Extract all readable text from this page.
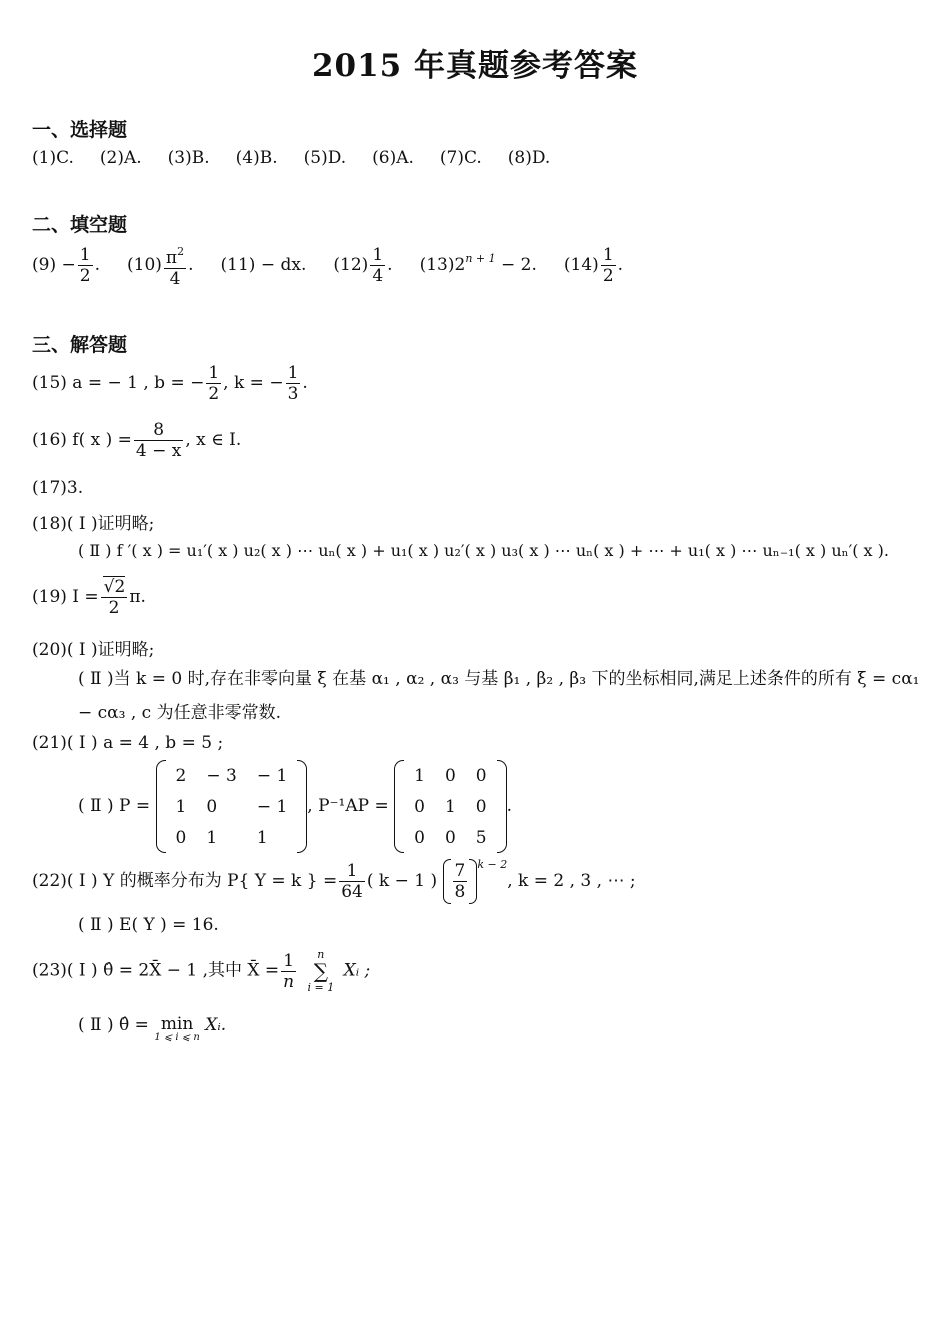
2015 年真题参考答案
一、选择题
(1)C. (2)A. (3)B. (4)B. (5)D. (6)A. (7)C. (8)D.
二、填空题
$(9) - \frac{1}{2}$ . $(10) \frac{\pi^2}{4}$ . (11) − dx. $(12) \frac{1}{4}$ . $(13)2^{n + 1} - 2$. $(14) \frac{1}{2}$ .
三、解答题
(15) a = − 1 , b = − $\frac{1}{2}$ , k = − $\frac{1}{3}$ .
(16) f( x ) = $\frac{8}{4 - x}$ , x ∈ I.
(17)3.
(18)( Ⅰ )证明略;
( Ⅱ ) f ′( x ) = u₁′( x ) u₂( x ) ⋯ uₙ( x ) + u₁( x ) u₂′( x ) u₃( x ) ⋯ uₙ( x ) + ⋯ + u₁( x ) ⋯ uₙ₋₁( x ) uₙ′( x ).
(19) $I = \frac{√2}{2} \pi$.
(20)( Ⅰ )证明略;
( Ⅱ )当 k = 0 时,存在非零向量 ξ 在基 α₁ , α₂ , α₃ 与基 β₁ , β₂ , β₃ 下的坐标相同,满足上述条件的所有 ξ = cα₁ − cα₃ , c 为任意非零常数.
(21)( Ⅰ ) a = 4 , b = 5 ;
( Ⅱ ) P =
2	− 3	− 1
1	0	− 1
0	1	1
, P⁻¹AP =
1	0	0
0	1	0
0	0	5
.
(22)( Ⅰ ) Y 的概率分布为 P{ Y = k } = $\frac{1}{64}$ ( k − 1 ) $\frac{7}{8} ^{k - 2}$, k = 2 , 3 , ⋯ ;
( Ⅱ ) E( Y ) = 16.
(23)( Ⅰ ) θ̂ = 2X̄ − 1 ,其中 X̄ = $\frac{1}{n}$ n
∑
i = 1 Xᵢ ;
( Ⅱ ) θ̂ = min
1 ⩽ i ⩽ n
Xᵢ.
